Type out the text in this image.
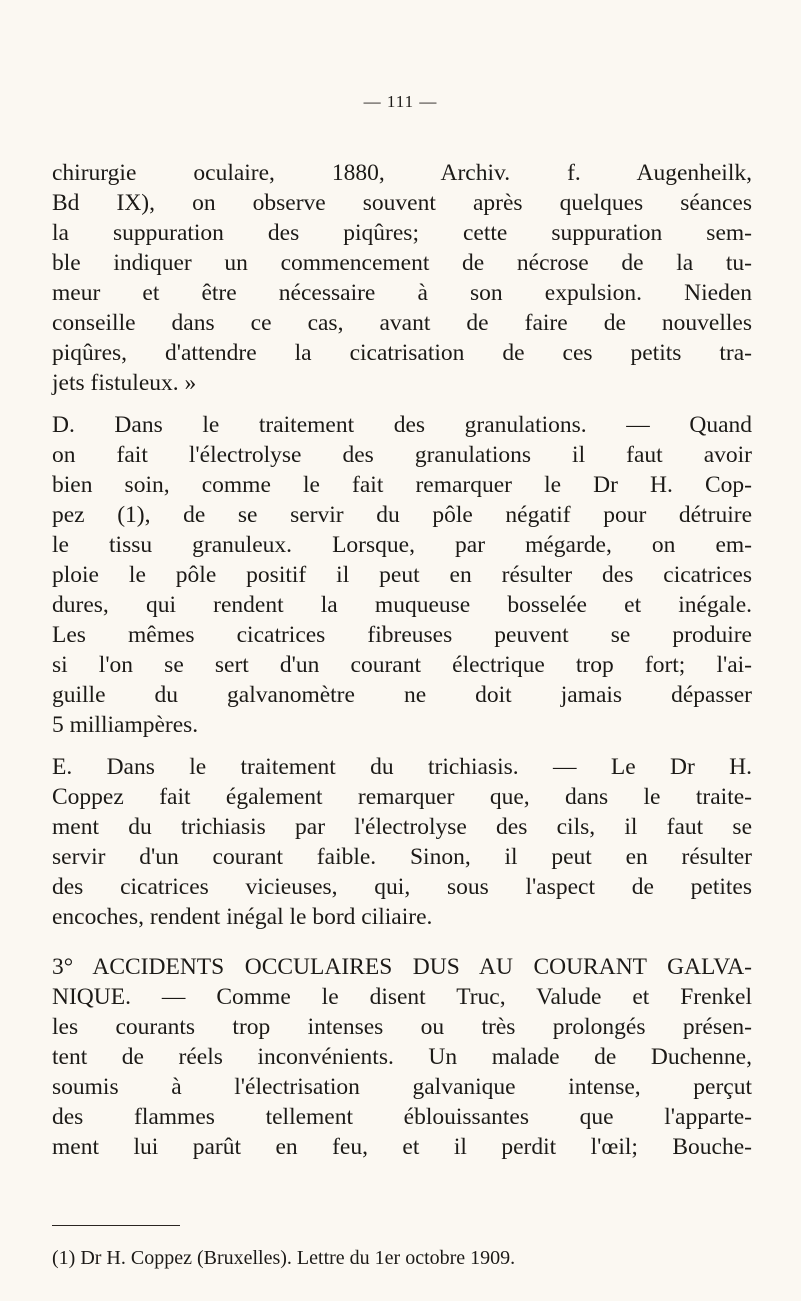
— 111 —
chirurgie oculaire, 1880, Archiv. f. Augenheilk,
Bd IX), on observe souvent après quelques séances
la suppuration des piqûres; cette suppuration sem-
ble indiquer un commencement de nécrose de la tu-
meur et être nécessaire à son expulsion. Nieden
conseille dans ce cas, avant de faire de nouvelles
piqûres, d'attendre la cicatrisation de ces petits tra-
jets fistuleux. »
D. Dans le traitement des granulations. — Quand
on fait l'électrolyse des granulations il faut avoir
bien soin, comme le fait remarquer le Dr H. Cop-
pez (1), de se servir du pôle négatif pour détruire
le tissu granuleux. Lorsque, par mégarde, on em-
ploie le pôle positif il peut en résulter des cicatrices
dures, qui rendent la muqueuse bosselée et inégale.
Les mêmes cicatrices fibreuses peuvent se produire
si l'on se sert d'un courant électrique trop fort; l'ai-
guille du galvanomètre ne doit jamais dépasser
5 milliampères.
E. Dans le traitement du trichiasis. — Le Dr H.
Coppez fait également remarquer que, dans le traite-
ment du trichiasis par l'électrolyse des cils, il faut se
servir d'un courant faible. Sinon, il peut en résulter
des cicatrices vicieuses, qui, sous l'aspect de petites
encoches, rendent inégal le bord ciliaire.
3° ACCIDENTS OCCULAIRES DUS AU COURANT GALVA-
NIQUE. — Comme le disent Truc, Valude et Frenkel
les courants trop intenses ou très prolongés présen-
tent de réels inconvénients. Un malade de Duchenne,
soumis à l'électrisation galvanique intense, perçut
des flammes tellement éblouissantes que l'apparte-
ment lui parût en feu, et il perdit l'œil; Bouche-
(1) Dr H. Coppez (Bruxelles). Lettre du 1er octobre 1909.
